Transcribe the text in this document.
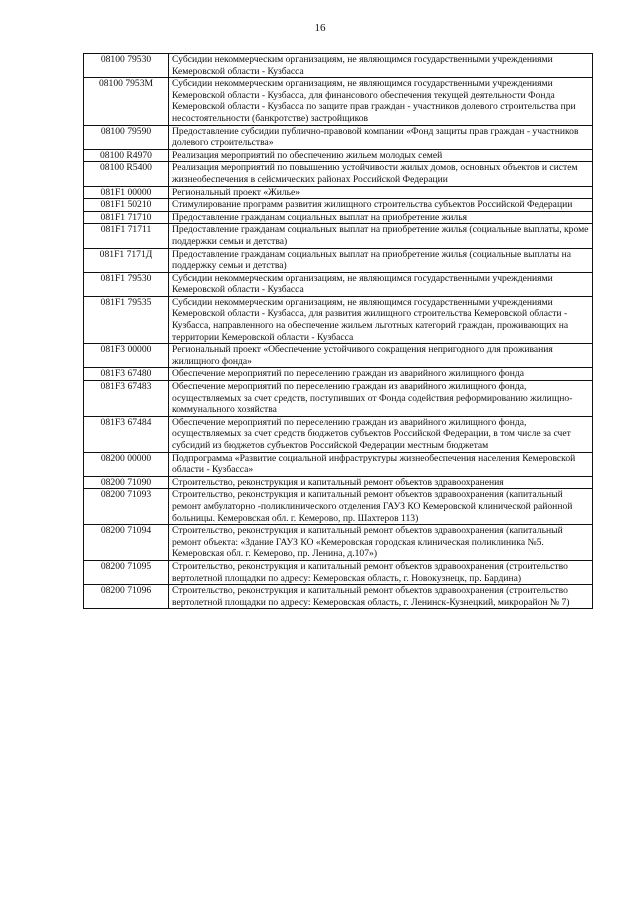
16
08100 79530	Субсидии некоммерческим организациям, не являющимся государственными учреждениями Кемеровской области - Кузбасса
08100 7953М	Субсидии некоммерческим организациям, не являющимся государственными учреждениями Кемеровской области - Кузбасса, для финансового обеспечения текущей деятельности Фонда Кемеровской области - Кузбасса по защите прав граждан - участников долевого строительства при несостоятельности (банкротстве) застройщиков
08100 79590	Предоставление субсидии публично-правовой компании «Фонд защиты прав граждан - участников долевого строительства»
08100 R4970	Реализация мероприятий по обеспечению жильем молодых семей
08100 R5400	Реализация мероприятий по повышению устойчивости жилых домов, основных объектов и систем жизнеобеспечения в сейсмических районах Российской Федерации
081F1 00000	Региональный проект «Жилье»
081F1 50210	Стимулирование программ развития жилищного строительства субъектов Российской Федерации
081F1 71710	Предоставление гражданам социальных выплат на приобретение жилья
081F1 71711	Предоставление гражданам социальных выплат на приобретение жилья (социальные выплаты, кроме поддержки семьи и детства)
081F1 7171Д	Предоставление гражданам социальных выплат на приобретение жилья (социальные выплаты на поддержку семьи и детства)
081F1 79530	Субсидии некоммерческим организациям, не являющимся государственными учреждениями Кемеровской области - Кузбасса
081F1 79535	Субсидии некоммерческим организациям, не являющимся государственными учреждениями Кемеровской области - Кузбасса, для развития жилищного строительства Кемеровской области - Кузбасса, направленного на обеспечение жильем льготных категорий граждан, проживающих на территории Кемеровской области - Кузбасса
081F3 00000	Региональный проект «Обеспечение устойчивого сокращения непригодного для проживания жилищного фонда»
081F3 67480	Обеспечение мероприятий по переселению граждан из аварийного жилищного фонда
081F3 67483	Обеспечение мероприятий по переселению граждан из аварийного жилищного фонда, осуществляемых за счет средств, поступивших от Фонда содействия реформированию жилищно-коммунального хозяйства
081F3 67484	Обеспечение мероприятий по переселению граждан из аварийного жилищного фонда, осуществляемых за счет средств бюджетов субъектов Российской Федерации, в том числе за счет субсидий из бюджетов субъектов Российской Федерации местным бюджетам
08200 00000	Подпрограмма «Развитие социальной инфраструктуры жизнеобеспечения населения Кемеровской области - Кузбасса»
08200 71090	Строительство, реконструкция и капитальный ремонт объектов здравоохранения
08200 71093	Строительство, реконструкция и капитальный ремонт объектов здравоохранения (капитальный ремонт амбулаторно -поликлинического отделения ГАУЗ КО Кемеровской клинической районной больницы. Кемеровская обл. г. Кемерово, пр. Шахтеров 113)
08200 71094	Строительство, реконструкция и капитальный ремонт объектов здравоохранения (капитальный ремонт объекта: «Здание ГАУЗ КО «Кемеровская городская клиническая поликлиника №5. Кемеровская обл. г. Кемерово, пр. Ленина, д.107»)
08200 71095	Строительство, реконструкция и капитальный ремонт объектов здравоохранения (строительство вертолетной площадки по адресу: Кемеровская область, г. Новокузнецк, пр. Бардина)
08200 71096	Строительство, реконструкция и капитальный ремонт объектов здравоохранения (строительство вертолетной площадки по адресу: Кемеровская область, г. Ленинск-Кузнецкий, микрорайон № 7)
